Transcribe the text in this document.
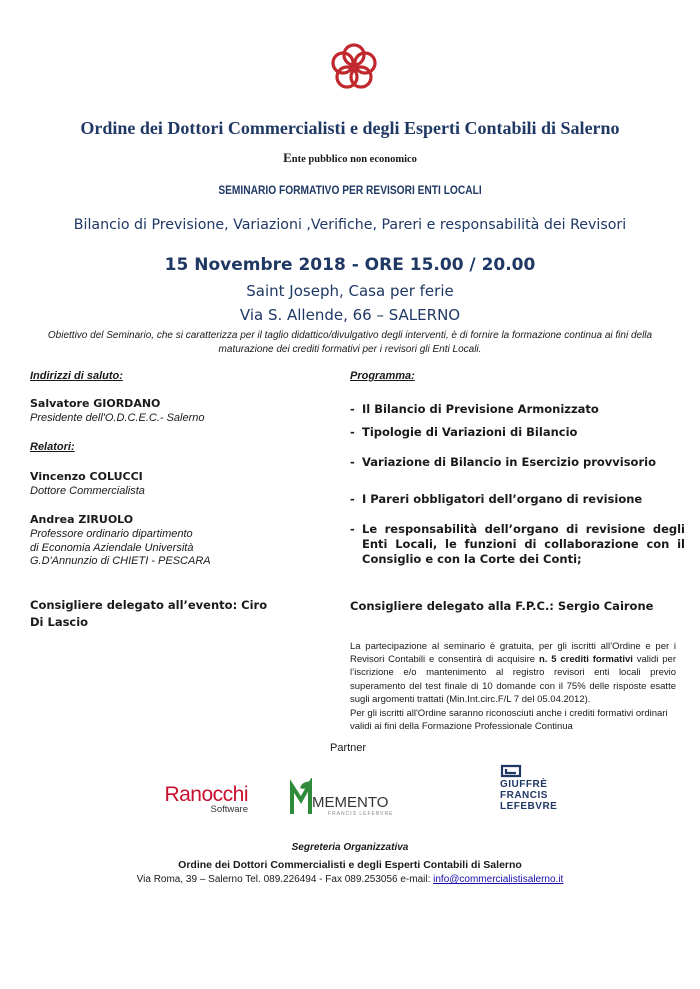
Ordine dei Dottori Commercialisti e degli Esperti Contabili di Salerno
Ente pubblico non economico
SEMINARIO FORMATIVO PER REVISORI ENTI LOCALI
Bilancio di Previsione, Variazioni ,Verifiche, Pareri e responsabilità dei Revisori
15 Novembre 2018 - ORE 15.00 / 20.00
Saint Joseph, Casa per ferie
Via S. Allende, 66 – SALERNO
Obiettivo del Seminario, che si caratterizza per il taglio didattico/divulgativo degli interventi, è di fornire la formazione continua ai fini della
maturazione dei crediti formativi per i revisori gli Enti Locali.
Indirizzi di saluto:
Salvatore GIORDANO
Presidente dell'O.D.C.E.C.- Salerno
Relatori:
Vincenzo COLUCCI
Dottore Commercialista
Andrea ZIRUOLO
Professore ordinario dipartimento
di Economia Aziendale Università
G.D'Annunzio di CHIETI - PESCARA
Consigliere delegato all’evento: Ciro
Di Lascio
Programma:
- Il Bilancio di Previsione Armonizzato
- Tipologie di Variazioni di Bilancio
- Variazione di Bilancio in Esercizio provvisorio
- I Pareri obbligatori dell’organo di revisione
- Le responsabilità dell’organo di revisione degli Enti Locali, le funzioni di collaborazione con il Consiglio e con la Corte dei Conti;
Consigliere delegato alla F.P.C.: Sergio Cairone
La partecipazione al seminario è gratuita, per gli iscritti all’Ordine e per i Revisori Contabili e consentirà di acquisire n. 5 crediti formativi validi per l’iscrizione e/o mantenimento al registro revisori enti locali previo superamento del test finale di 10 domande con il 75% delle risposte esatte sugli argomenti trattati (Min.Int.circ.F/L 7 del 05.04.2012).
Per gli iscritti all'Ordine saranno riconosciuti anche i crediti formativi ordinari validi ai fini della Formazione Professionale Continua
Partner
Ranocchi
Software	MEMENTO
FRANCIS LEFEBVRE
GIUFFRÈ
FRANCIS
LEFEBVRE
Segreteria Organizzativa
Ordine dei Dottori Commercialisti e degli Esperti Contabili di Salerno
Via Roma, 39 – Salerno Tel. 089.226494 - Fax 089.253056 e-mail: info@commercialistisalerno.it
